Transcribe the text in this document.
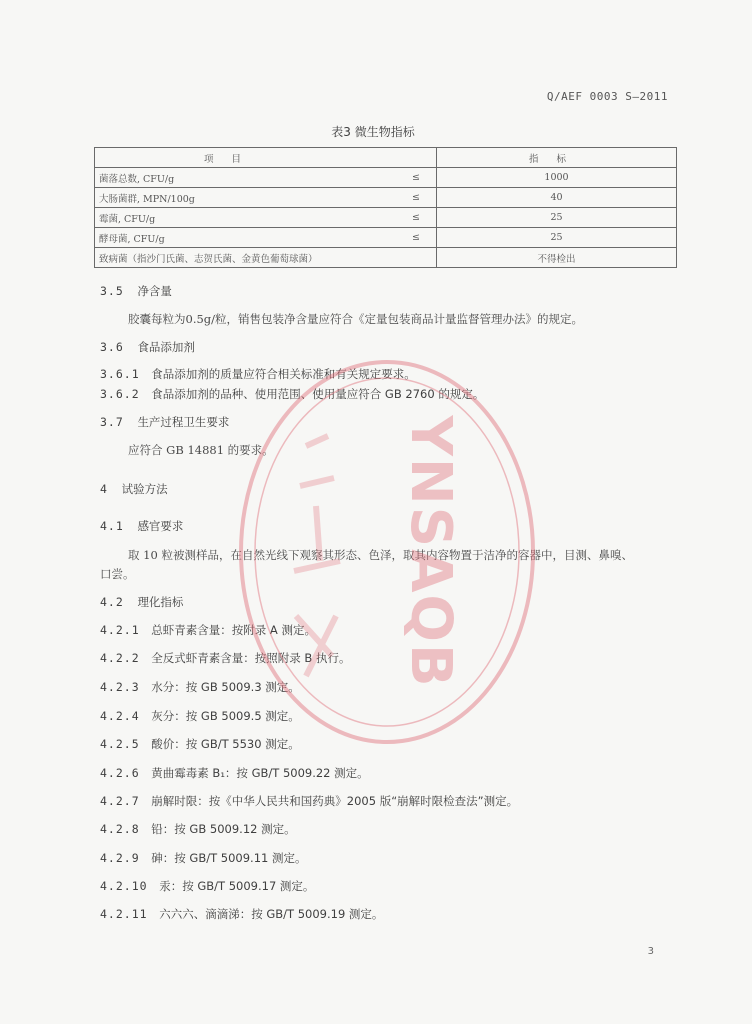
Q/AEF 0003 S—2011
表3 微生物指标
项目		指标
菌落总数, CFU/g	≤	1000
大肠菌群, MPN/100g	≤	40
霉菌, CFU/g	≤	25
酵母菌, CFU/g	≤	25
致病菌（指沙门氏菌、志贺氏菌、金黄色葡萄球菌）		不得检出
3.5 净含量
胶囊每粒为0.5g/粒，销售包装净含量应符合《定量包装商品计量监督管理办法》的规定。
3.6 食品添加剂
3.6.1 食品添加剂的质量应符合相关标准和有关规定要求。
3.6.2 食品添加剂的品种、使用范围、使用量应符合 GB 2760 的规定。
3.7 生产过程卫生要求
应符合 GB 14881 的要求。
4 试验方法
4.1 感官要求
取 10 粒被测样品，在自然光线下观察其形态、色泽，取其内容物置于洁净的容器中，目测、鼻嗅、
口尝。
4.2 理化指标
4.2.1 总虾青素含量：按附录 A 测定。
4.2.2 全反式虾青素含量：按照附录 B 执行。
4.2.3 水分：按 GB 5009.3 测定。
4.2.4 灰分：按 GB 5009.5 测定。
4.2.5 酸价：按 GB/T 5530 测定。
4.2.6 黄曲霉毒素 B₁：按 GB/T 5009.22 测定。
4.2.7 崩解时限：按《中华人民共和国药典》2005 版“崩解时限检查法”测定。
4.2.8 铅：按 GB 5009.12 测定。
4.2.9 砷：按 GB/T 5009.11 测定。
4.2.10 汞：按 GB/T 5009.17 测定。
4.2.11 六六六、滴滴涕：按 GB/T 5009.19 测定。
YNSAQB
3
